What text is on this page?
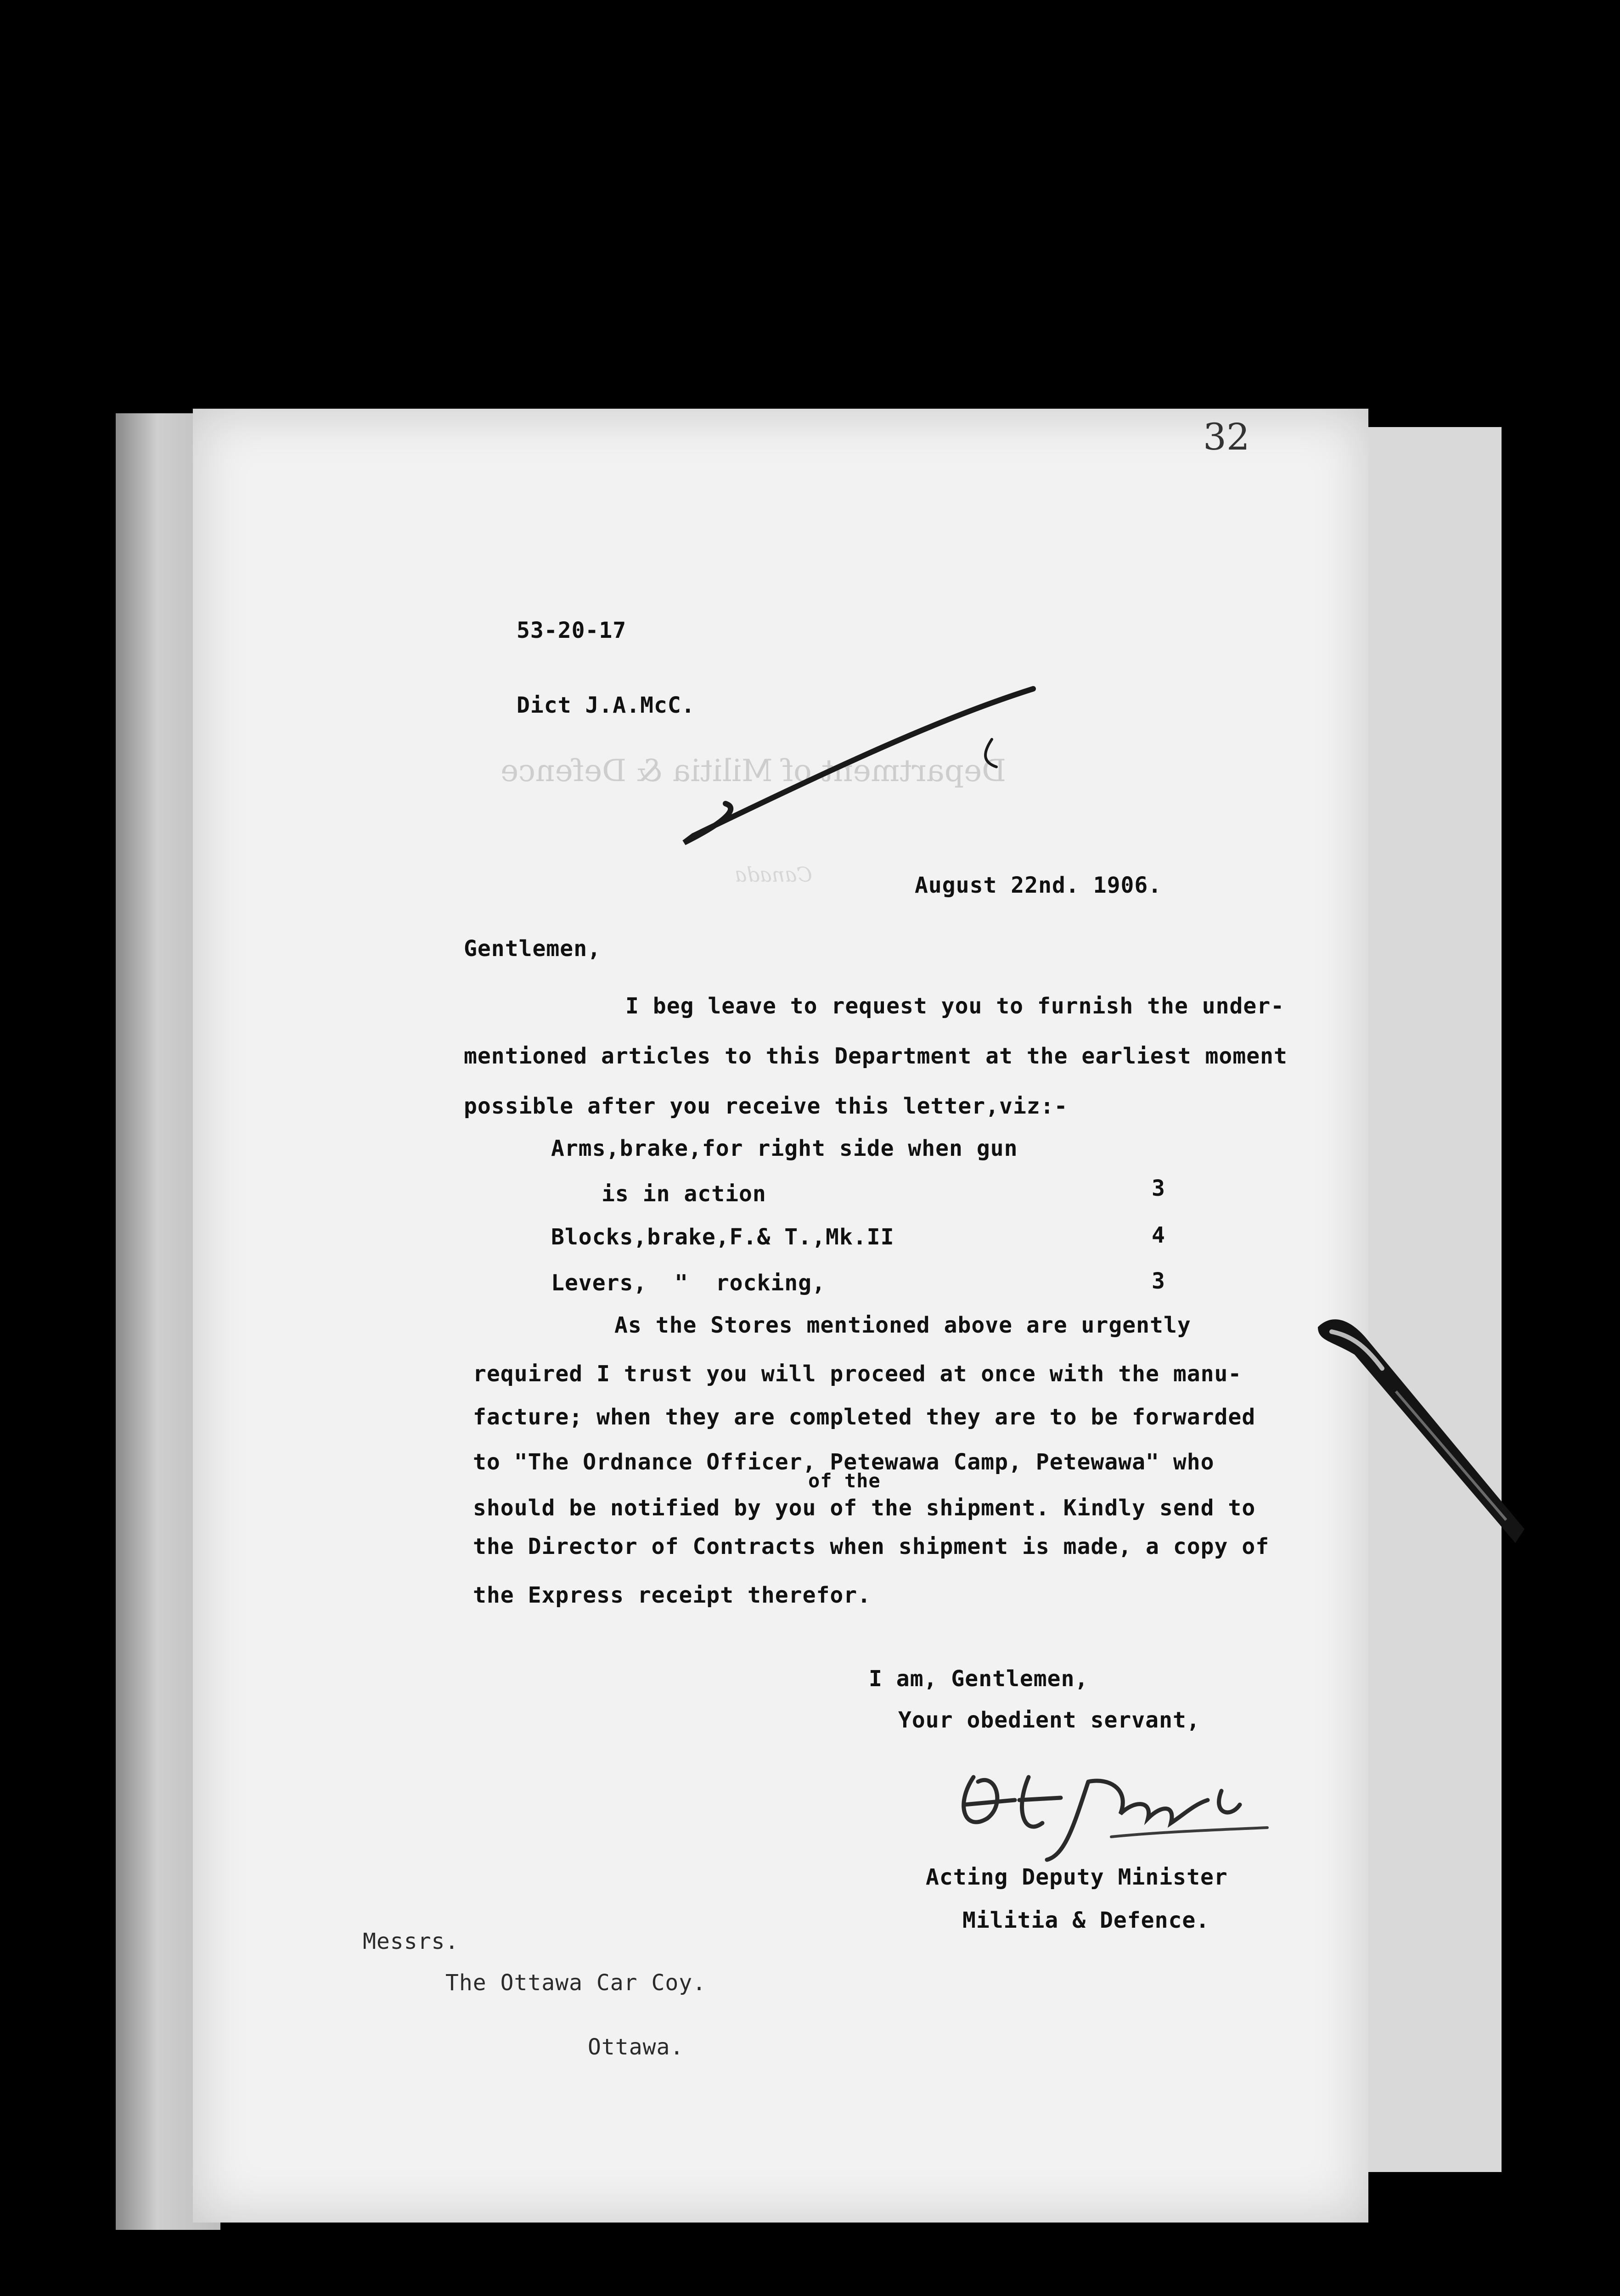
32
Department of Militia & Defence
Canada
53-20-17
Dict J.A.McC.
August 22nd. 1906.
Gentlemen,
I beg leave to request you to furnish the under-
mentioned articles to this Department at the earliest moment
possible after you receive this letter,viz:-
Arms,brake,for right side when gun
is in action	3
Blocks,brake,F.& T.,Mk.II	4
Levers,  "  rocking,	3
As the Stores mentioned above are urgently
required I trust you will proceed at once with the manu-
facture; when they are completed they are to be forwarded
to "The Ordnance Officer, Petewawa Camp, Petewawa" who
of the
should be notified by you of the shipment. Kindly send to
the Director of Contracts when shipment is made, a copy of
the Express receipt therefor.
I am, Gentlemen,
Your obedient servant,
Acting Deputy Minister
Militia & Defence.
Messrs.
The Ottawa Car Coy.
Ottawa.
